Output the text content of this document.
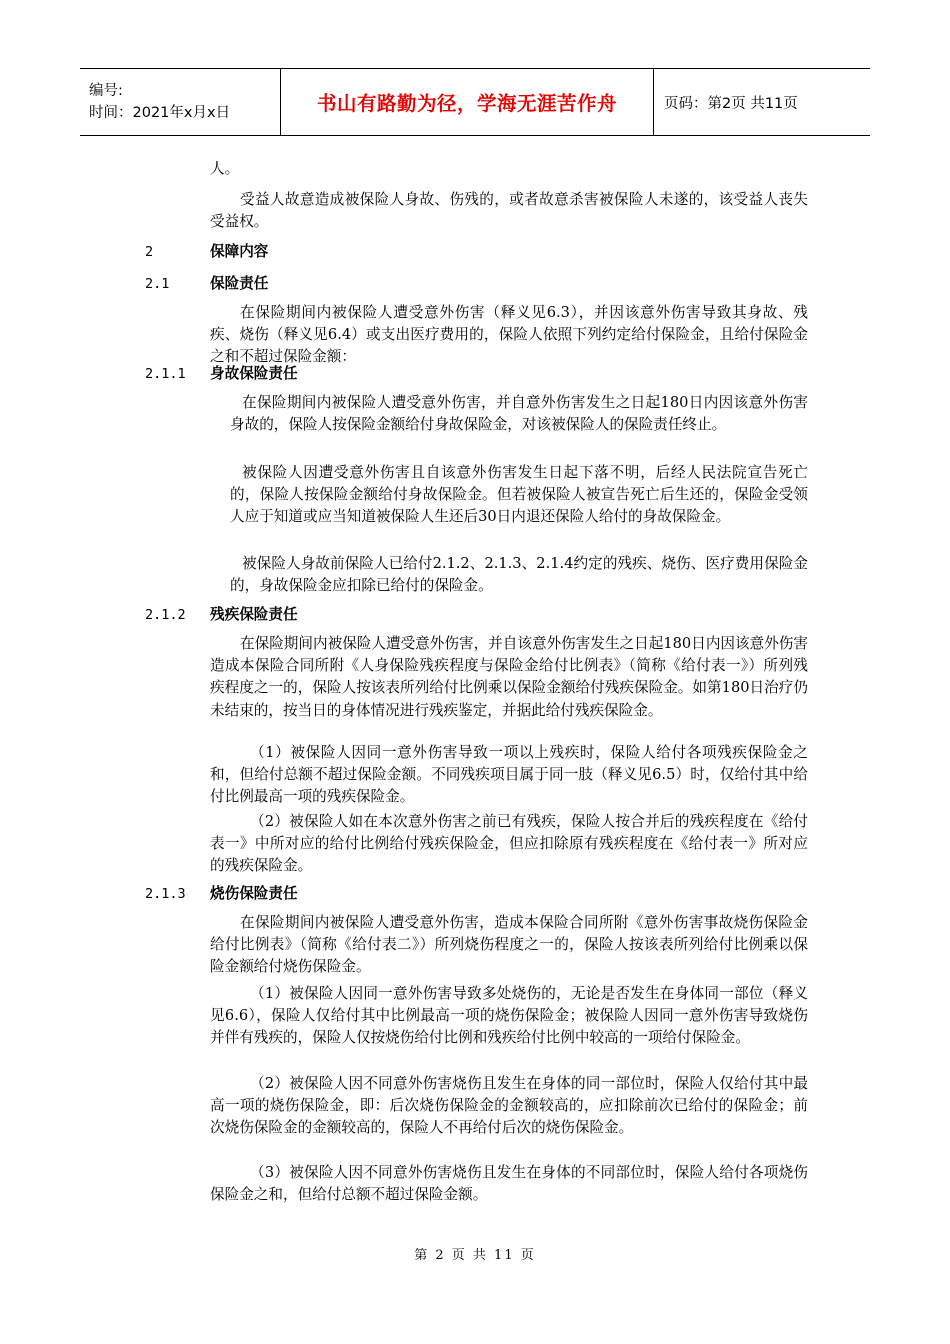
编号:
时间：2021年x月x日	书山有路勤为径，学海无涯苦作舟	页码：第2页 共11页
人。
受益人故意造成被保险人身故、伤残的，或者故意杀害被保险人未遂的，该受益人丧失受益权。
2	保障内容
2.1	保险责任
在保险期间内被保险人遭受意外伤害（释义见6.3），并因该意外伤害导致其身故、残疾、烧伤（释义见6.4）或支出医疗费用的，保险人依照下列约定给付保险金，且给付保险金之和不超过保险金额：
2.1.1 身故保险责任
在保险期间内被保险人遭受意外伤害，并自意外伤害发生之日起180日内因该意外伤害身故的，保险人按保险金额给付身故保险金，对该被保险人的保险责任终止。
被保险人因遭受意外伤害且自该意外伤害发生日起下落不明，后经人民法院宣告死亡的，保险人按保险金额给付身故保险金。但若被保险人被宣告死亡后生还的，保险金受领人应于知道或应当知道被保险人生还后30日内退还保险人给付的身故保险金。
被保险人身故前保险人已给付2.1.2、2.1.3、2.1.4约定的残疾、烧伤、医疗费用保险金的，身故保险金应扣除已给付的保险金。
2.1.2 残疾保险责任
在保险期间内被保险人遭受意外伤害，并自该意外伤害发生之日起180日内因该意外伤害造成本保险合同所附《人身保险残疾程度与保险金给付比例表》（简称《给付表一》）所列残疾程度之一的，保险人按该表所列给付比例乘以保险金额给付残疾保险金。如第180日治疗仍未结束的，按当日的身体情况进行残疾鉴定，并据此给付残疾保险金。
（1）被保险人因同一意外伤害导致一项以上残疾时，保险人给付各项残疾保险金之和，但给付总额不超过保险金额。不同残疾项目属于同一肢（释义见6.5）时，仅给付其中给付比例最高一项的残疾保险金。
（2）被保险人如在本次意外伤害之前已有残疾，保险人按合并后的残疾程度在《给付表一》中所对应的给付比例给付残疾保险金，但应扣除原有残疾程度在《给付表一》所对应的残疾保险金。
2.1.3 烧伤保险责任
在保险期间内被保险人遭受意外伤害，造成本保险合同所附《意外伤害事故烧伤保险金给付比例表》（简称《给付表二》）所列烧伤程度之一的，保险人按该表所列给付比例乘以保险金额给付烧伤保险金。
（1）被保险人因同一意外伤害导致多处烧伤的，无论是否发生在身体同一部位（释义见6.6），保险人仅给付其中比例最高一项的烧伤保险金；被保险人因同一意外伤害导致烧伤并伴有残疾的，保险人仅按烧伤给付比例和残疾给付比例中较高的一项给付保险金。
（2）被保险人因不同意外伤害烧伤且发生在身体的同一部位时，保险人仅给付其中最高一项的烧伤保险金，即：后次烧伤保险金的金额较高的，应扣除前次已给付的保险金；前次烧伤保险金的金额较高的，保险人不再给付后次的烧伤保险金。
（3）被保险人因不同意外伤害烧伤且发生在身体的不同部位时，保险人给付各项烧伤保险金之和，但给付总额不超过保险金额。
第 2 页 共 11 页
